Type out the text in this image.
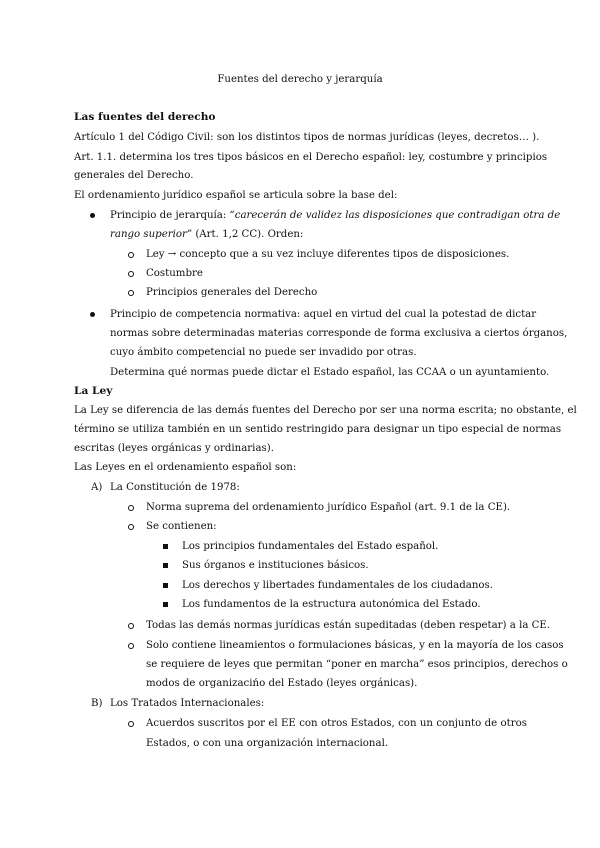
Fuentes del derecho y jerarquía
Las fuentes del derecho
Artículo 1 del Código Civil: son los distintos tipos de normas jurídicas (leyes, decretos… ).
Art. 1.1. determina los tres tipos básicos en el Derecho español: ley, costumbre y principios
generales del Derecho.
El ordenamiento jurídico español se articula sobre la base del:
Principio de jerarquía: “carecerán de validez las disposiciones que contradigan otra de
rango superior” (Art. 1,2 CC). Orden:
Ley → concepto que a su vez incluye diferentes tipos de disposiciones.
Costumbre
Principios generales del Derecho
Principio de competencia normativa: aquel en virtud del cual la potestad de dictar
normas sobre determinadas materias corresponde de forma exclusiva a ciertos órganos,
cuyo ámbito competencial no puede ser invadido por otras.
Determina qué normas puede dictar el Estado español, las CCAA o un ayuntamiento.
La Ley
La Ley se diferencia de las demás fuentes del Derecho por ser una norma escrita; no obstante, el
término se utiliza también en un sentido restringido para designar un tipo especial de normas
escritas (leyes orgánicas y ordinarias).
Las Leyes en el ordenamiento español son:
A) La Constitución de 1978:
Norma suprema del ordenamiento jurídico Español (art. 9.1 de la CE).
Se contienen:
Los principios fundamentales del Estado español.
Sus órganos e instituciones básicos.
Los derechos y libertades fundamentales de los ciudadanos.
Los fundamentos de la estructura autonómica del Estado.
Todas las demás normas jurídicas están supeditadas (deben respetar) a la CE.
Solo contiene lineamientos o formulaciones básicas, y en la mayoría de los casos
se requiere de leyes que permitan “poner en marcha” esos principios, derechos o
modos de organizacińo del Estado (leyes orgánicas).
B) Los Tratados Internacionales:
Acuerdos suscritos por el EE con otros Estados, con un conjunto de otros
Estados, o con una organización internacional.
